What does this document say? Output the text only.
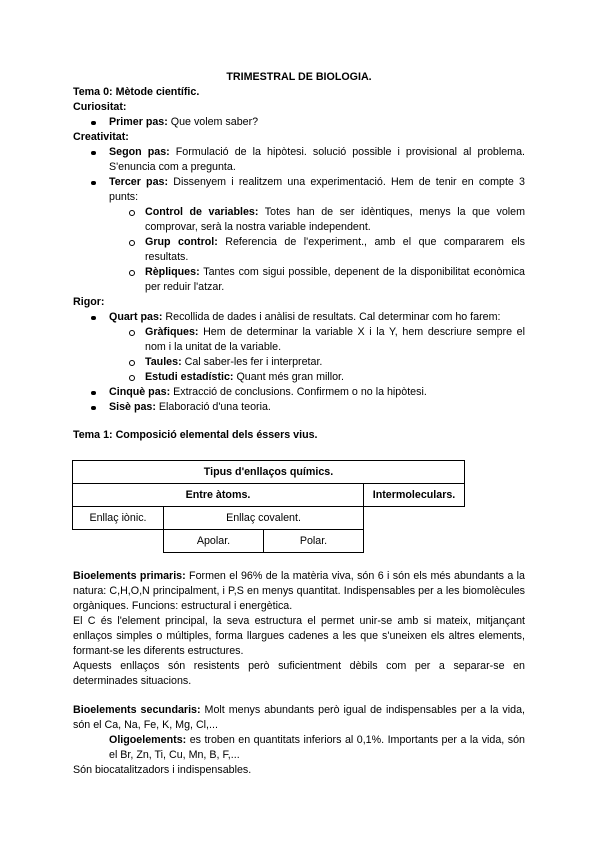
TRIMESTRAL DE BIOLOGIA.
Tema 0: Mètode científic.
Curiositat:
Primer pas: Que volem saber?
Creativitat:
Segon pas: Formulació de la hipòtesi. solució possible i provisional al problema. S'enuncia com a pregunta.
Tercer pas: Dissenyem i realitzem una experimentació. Hem de tenir en compte 3 punts:
Control de variables: Totes han de ser idèntiques, menys la que volem comprovar, serà la nostra variable independent.
Grup control: Referencia de l'experiment., amb el que compararem els resultats.
Rèpliques: Tantes com sigui possible, depenent de la disponibilitat econòmica per reduir l'atzar.
Rigor:
Quart pas: Recollida de dades i anàlisi de resultats. Cal determinar com ho farem:
Gràfiques: Hem de determinar la variable X i la Y, hem descriure sempre el nom i la unitat de la variable.
Taules: Cal saber-les fer i interpretar.
Estudi estadístic: Quant més gran millor.
Cinquè pas: Extracció de conclusions. Confirmem o no la hipòtesi.
Sisè pas: Elaboració d'una teoria.
Tema 1: Composició elemental dels éssers vius.
Tipus d'enllaços químics.			
Entre àtoms.			Intermoleculars.
Enllaç iònic.	Enllaç covalent.		
	Apolar.	Polar.	
Bioelements primaris: Formen el 96% de la matèria viva, són 6 i són els més abundants a la natura: C,H,O,N principalment, i P,S en menys quantitat. Indispensables per a les biomolècules orgàniques. Funcions: estructural i energètica.
El C és l'element principal, la seva estructura el permet unir-se amb si mateix, mitjançant enllaços simples o múltiples, forma llargues cadenes a les que s'uneixen els altres elements, formant-se les diferents estructures.
Aquests enllaços són resistents però suficientment dèbils com per a separar-se en determinades situacions.
Bioelements secundaris: Molt menys abundants però igual de indispensables per a la vida, són el Ca, Na, Fe, K, Mg, Cl,...
Oligoelements: es troben en quantitats inferiors al 0,1%. Importants per a la vida, són el Br, Zn, Ti, Cu, Mn, B, F,...
Són biocatalitzadors i indispensables.
